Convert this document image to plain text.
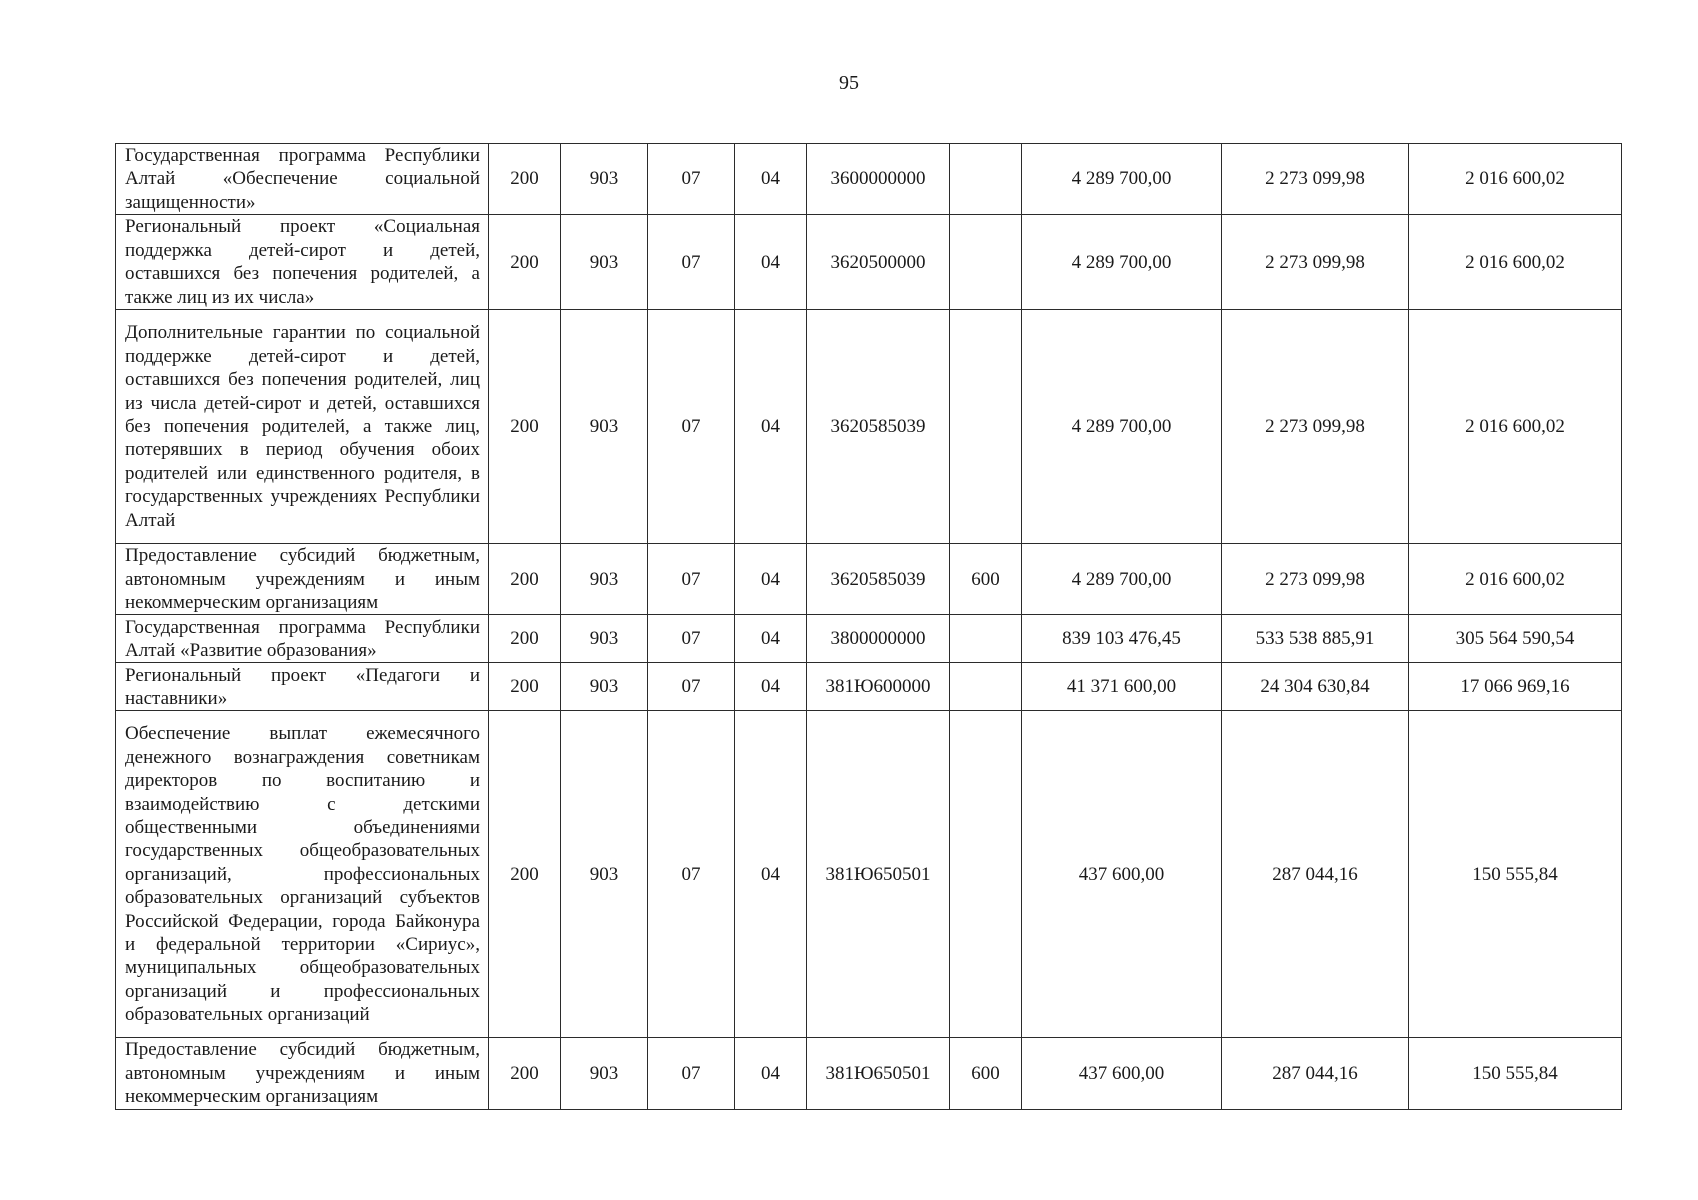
95
Государственная программа Республики Алтай «Обеспечение социальной защищенности»	200	903	07	04	3600000000		4 289 700,00	2 273 099,98	2 016 600,02
Региональный проект «Социальная поддержка детей-сирот и детей, оставшихся без попечения родителей, а также лиц из их числа»	200	903	07	04	3620500000		4 289 700,00	2 273 099,98	2 016 600,02
Дополнительные гарантии по социальной поддержке детей-сирот и детей, оставшихся без попечения родителей, лиц из числа детей-сирот и детей, оставшихся без попечения родителей, а также лиц, потерявших в период обучения обоих родителей или единственного родителя, в государственных учреждениях Республики Алтай	200	903	07	04	3620585039		4 289 700,00	2 273 099,98	2 016 600,02
Предоставление субсидий бюджетным, автономным учреждениям и иным некоммерческим организациям	200	903	07	04	3620585039	600	4 289 700,00	2 273 099,98	2 016 600,02
Государственная программа Республики Алтай «Развитие образования»	200	903	07	04	3800000000		839 103 476,45	533 538 885,91	305 564 590,54
Региональный проект «Педагоги и наставники»	200	903	07	04	381Ю600000		41 371 600,00	24 304 630,84	17 066 969,16
Обеспечение выплат ежемесячного денежного вознаграждения советникам директоров по воспитанию и взаимодействию с детскими общественными объединениями государственных общеобразовательных организаций, профессиональных образовательных организаций субъектов Российской Федерации, города Байконура и федеральной территории «Сириус», муниципальных общеобразовательных организаций и профессиональных образовательных организаций	200	903	07	04	381Ю650501		437 600,00	287 044,16	150 555,84
Предоставление субсидий бюджетным, автономным учреждениям и иным некоммерческим организациям	200	903	07	04	381Ю650501	600	437 600,00	287 044,16	150 555,84
